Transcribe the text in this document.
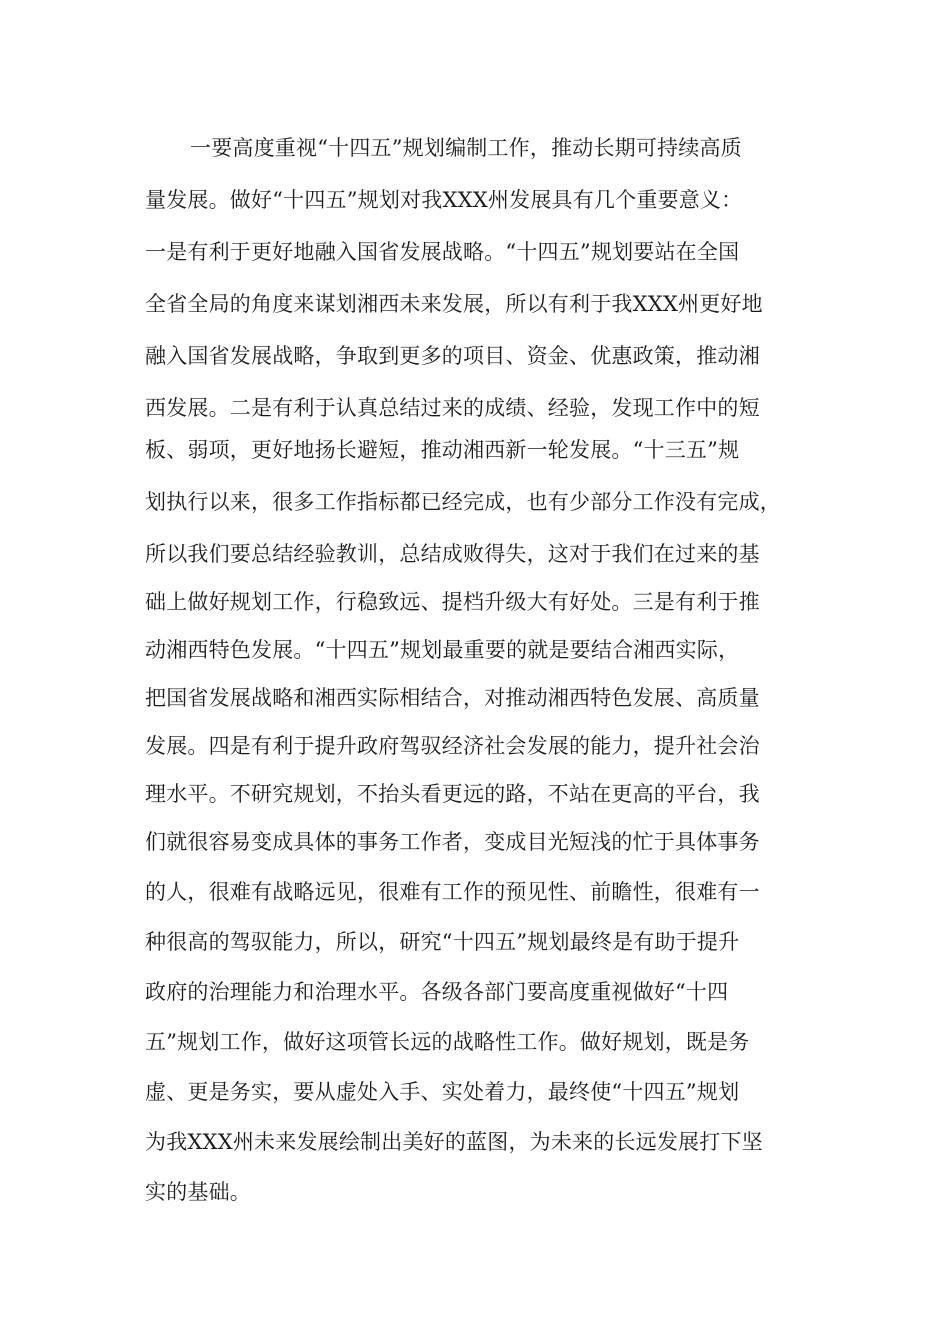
一要高度重视“十四五”规划编制工作，推动长期可持续高质
量发展。做好“十四五”规划对我XXX州发展具有几个重要意义：
一是有利于更好地融入国省发展战略。“十四五”规划要站在全国
全省全局的角度来谋划湘西未来发展，所以有利于我XXX州更好地
融入国省发展战略，争取到更多的项目、资金、优惠政策，推动湘
西发展。二是有利于认真总结过来的成绩、经验，发现工作中的短
板、弱项，更好地扬长避短，推动湘西新一轮发展。“十三五”规
划执行以来，很多工作指标都已经完成，也有少部分工作没有完成，
所以我们要总结经验教训，总结成败得失，这对于我们在过来的基
础上做好规划工作，行稳致远、提档升级大有好处。三是有利于推
动湘西特色发展。“十四五”规划最重要的就是要结合湘西实际，
把国省发展战略和湘西实际相结合，对推动湘西特色发展、高质量
发展。四是有利于提升政府驾驭经济社会发展的能力，提升社会治
理水平。不研究规划，不抬头看更远的路，不站在更高的平台，我
们就很容易变成具体的事务工作者，变成目光短浅的忙于具体事务
的人，很难有战略远见，很难有工作的预见性、前瞻性，很难有一
种很高的驾驭能力，所以，研究“十四五”规划最终是有助于提升
政府的治理能力和治理水平。各级各部门要高度重视做好“十四
五”规划工作，做好这项管长远的战略性工作。做好规划，既是务
虚、更是务实，要从虚处入手、实处着力，最终使“十四五”规划
为我XXX州未来发展绘制出美好的蓝图，为未来的长远发展打下坚
实的基础。
